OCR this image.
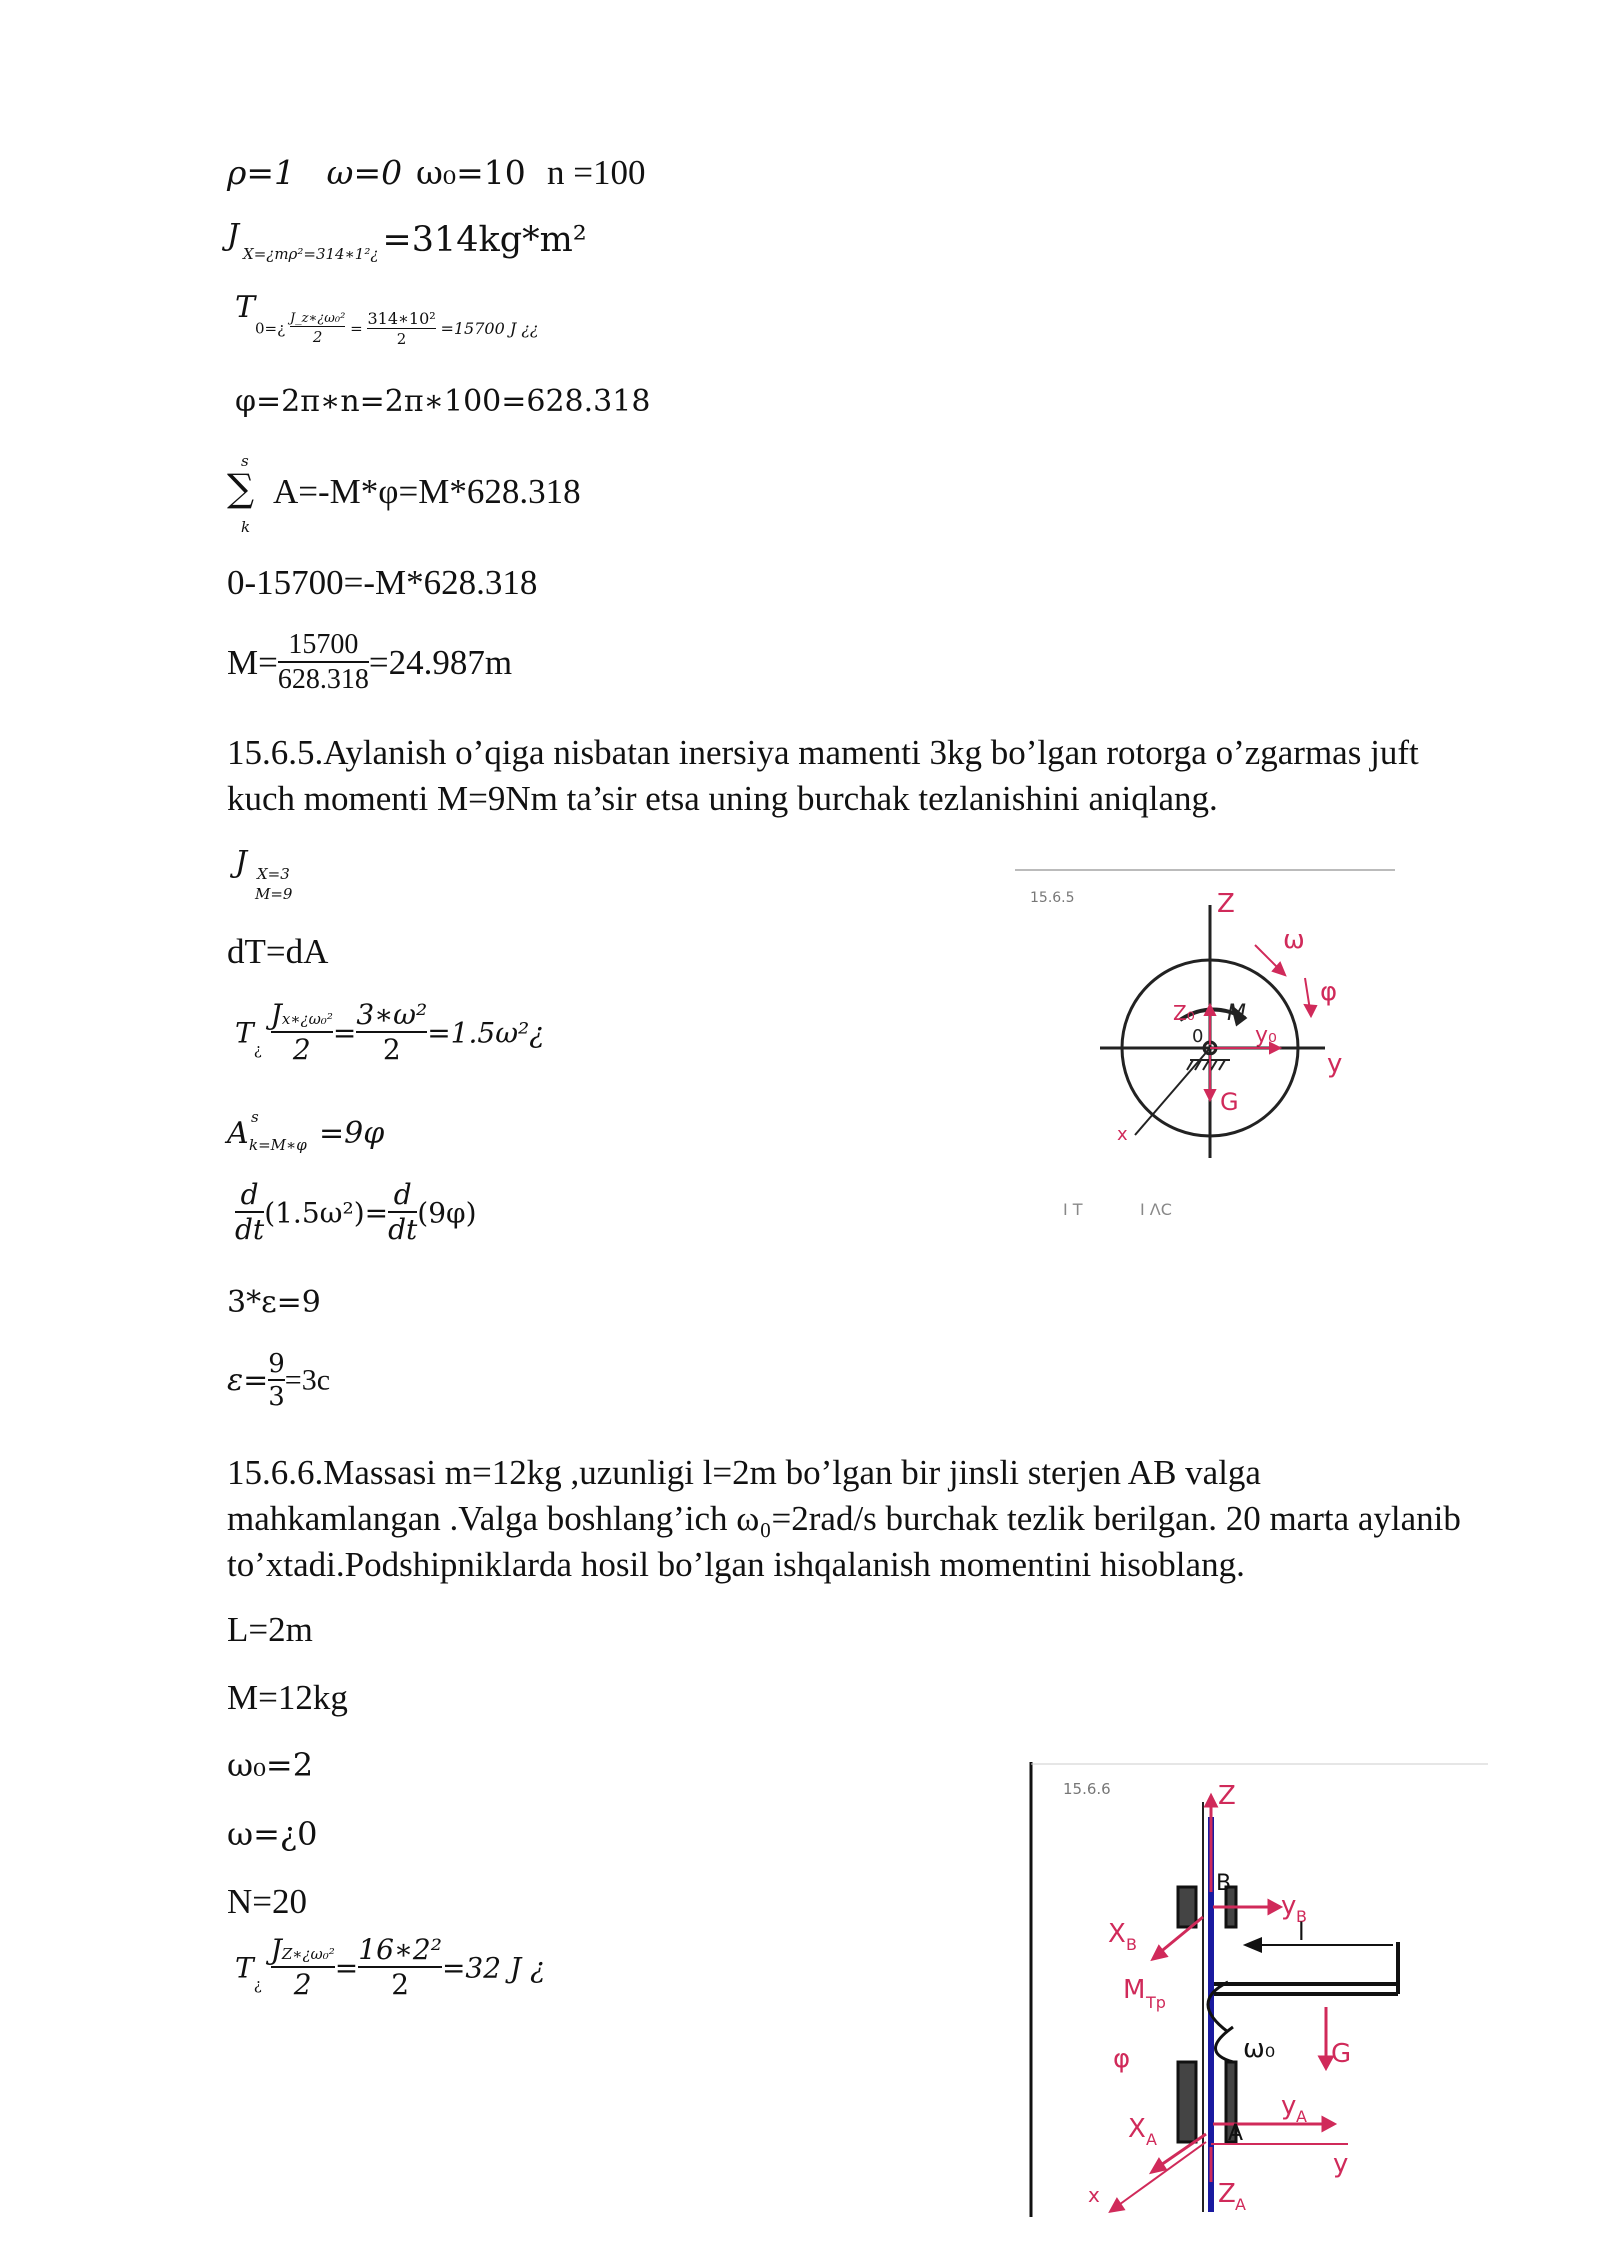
ρ=1 ω=0 ω₀=10 n =100
J X=¿mρ²=314∗1²¿ =314kg*m²
T
0=¿ $\frac{\text{J\_z∗¿ω₀²}}{2} = \frac{\text{314∗10²}}{2} =15700$ J ¿¿
φ=2π∗n=2π∗100=628.318
s
∑
k
A=-M*φ=M*628.318
0-15700=-M*628.318
$M= \frac{15700}{628.318} =24.987m$
15.6.5.Aylanish o’qiga nisbatan inersiya mamenti 3kg bo’lgan rotorga o’zgarmas juft kuch momenti M=9Nm ta’sir etsa uning burchak tezlanishini aniqlang.
J X=3
M=9
dT=dA
$T_¿ \frac{\text{Jx∗¿ω₀²}}{2} = \frac{\text{3∗ω²}}{2}$ =1.5ω²¿
A s
k=M∗φ =9φ
$\frac{d}{dt} (1.5\omega^2)= \frac{d}{dt} (9\varphi)$
3*ε=9
$\varepsilon= \frac{9}{3} =3c$
15.6.6.Massasi m=12kg ,uzunligi l=2m bo’lgan bir jinsli sterjen AB valga mahkamlangan .Valga boshlang’ich ω₀=2rad/s burchak tezlik berilgan. 20 marta aylanib to’xtadi.Podshipniklarda hosil bo’lgan ishqalanish momentini hisoblang.
L=2m
M=12kg
ω₀=2
ω=¿0
N=20
$T_¿ \frac{\text{JZ∗¿ω₀²}}{2} = \frac{\text{16∗2²}}{2} =32$ J ¿
15.6.5	Z
ω
φ
Z₀
y₀
y
G
x
M
0
I T	I ΛC
15.6.6	Z
B
y B
X B	l
M Tp
ω₀ G
φ
y A
X A	A
y
x	Z A
